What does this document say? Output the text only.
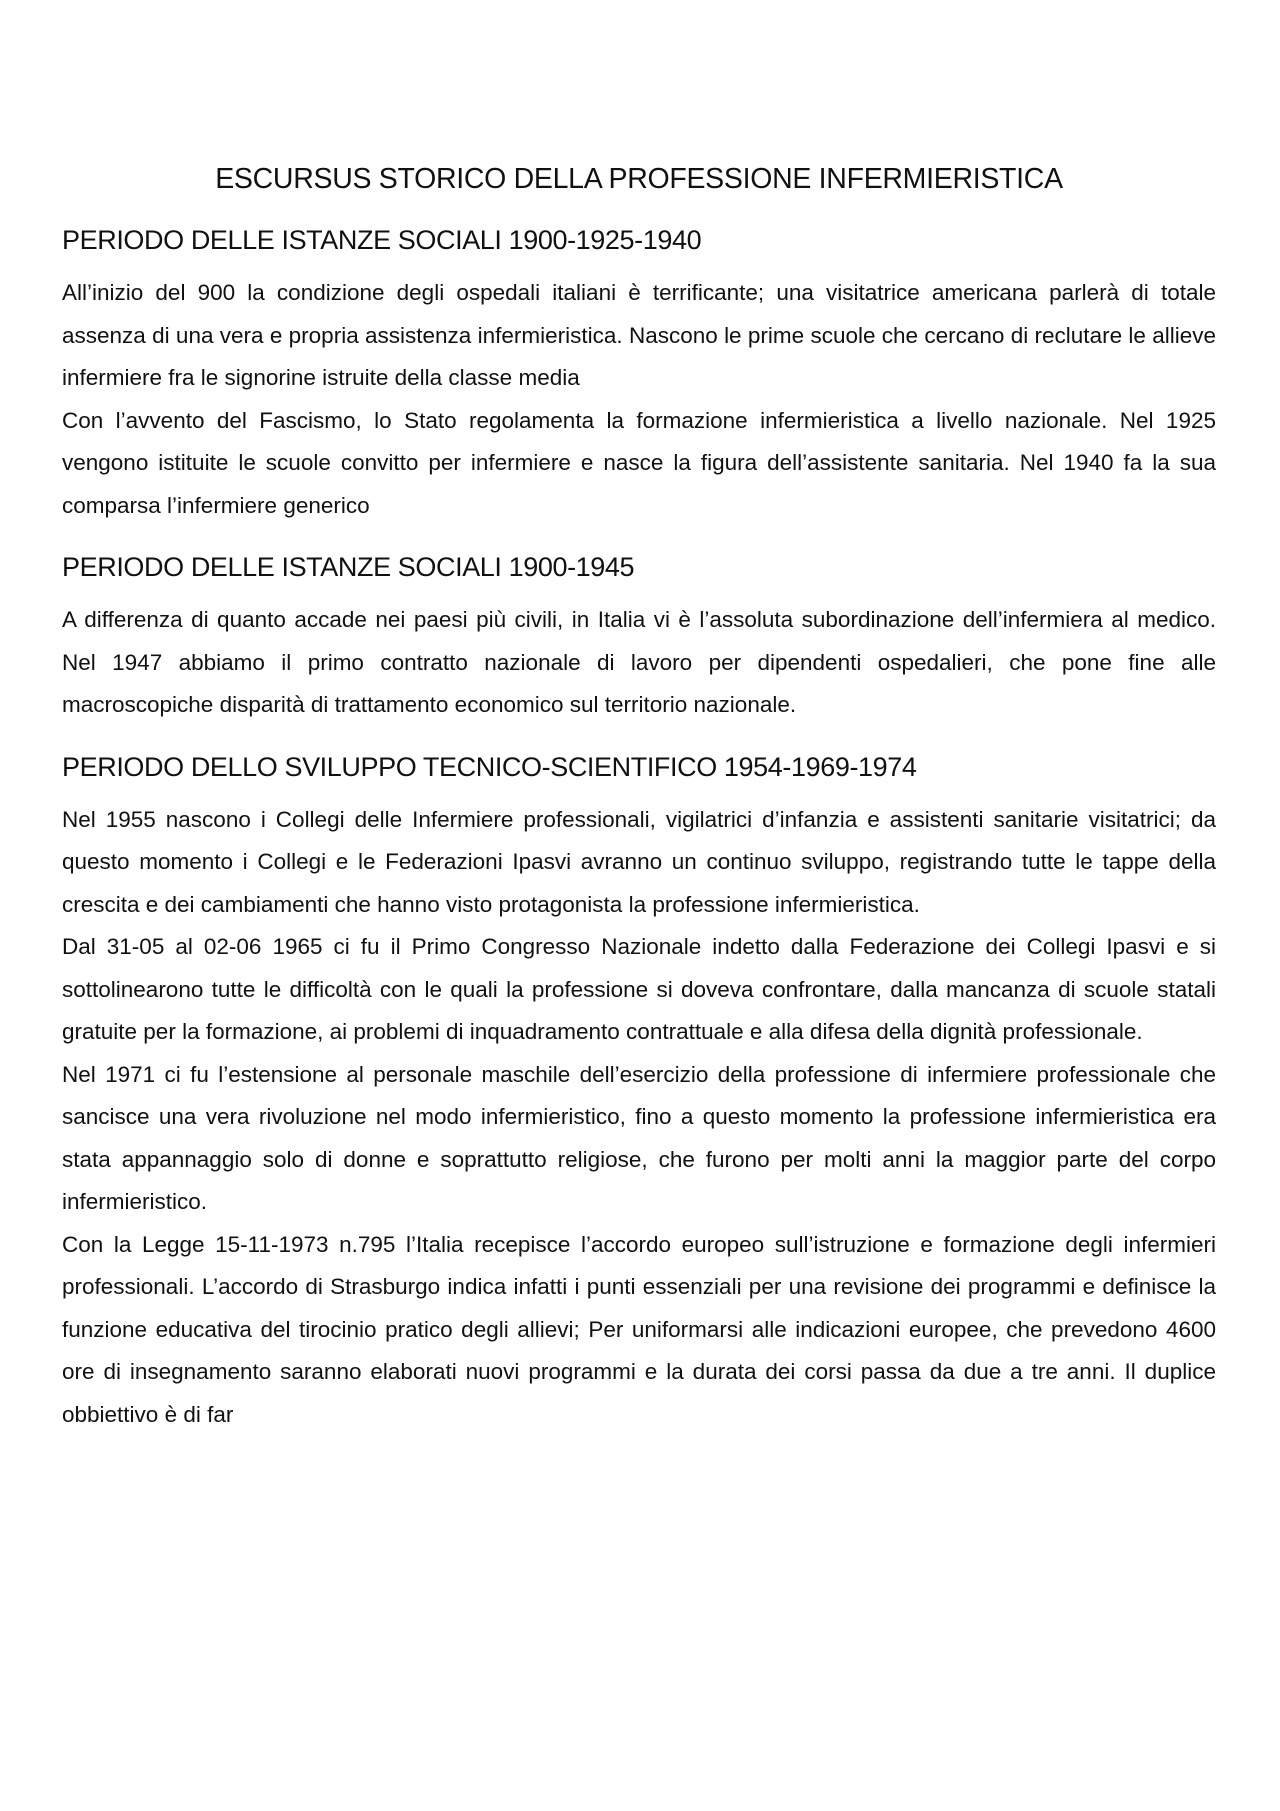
ESCURSUS STORICO DELLA PROFESSIONE INFERMIERISTICA
PERIODO DELLE ISTANZE SOCIALI 1900-1925-1940

All’inizio del 900 la condizione degli ospedali italiani è terrificante; una visitatrice americana parlerà di totale assenza di una vera e propria assistenza infermieristica. Nascono le prime scuole che cercano di reclutare le allieve infermiere fra le signorine istruite della classe media

Con l’avvento del Fascismo, lo Stato regolamenta la formazione infermieristica a livello nazionale. Nel 1925 vengono istituite le scuole convitto per infermiere e nasce la figura dell’assistente sanitaria. Nel 1940 fa la sua comparsa l’infermiere generico

PERIODO DELLE ISTANZE SOCIALI 1900-1945

A differenza di quanto accade nei paesi più civili, in Italia vi è l’assoluta subordinazione dell’infermiera al medico. Nel 1947 abbiamo il primo contratto nazionale di lavoro per dipendenti ospedalieri, che pone fine alle macroscopiche disparità di trattamento economico sul territorio nazionale.

PERIODO DELLO SVILUPPO TECNICO-SCIENTIFICO 1954-1969-1974

Nel 1955 nascono i Collegi delle Infermiere professionali, vigilatrici d’infanzia e assistenti sanitarie visitatrici; da questo momento i Collegi e le Federazioni Ipasvi avranno un continuo sviluppo, registrando tutte le tappe della crescita e dei cambiamenti che hanno visto protagonista la professione infermieristica.

Dal 31-05 al 02-06 1965 ci fu il Primo Congresso Nazionale indetto dalla Federazione dei Collegi Ipasvi e si sottolinearono tutte le difficoltà con le quali la professione si doveva confrontare, dalla mancanza di scuole statali gratuite per la formazione, ai problemi di inquadramento contrattuale e alla difesa della dignità professionale.

Nel 1971 ci fu l’estensione al personale maschile dell’esercizio della professione di infermiere professionale che sancisce una vera rivoluzione nel modo infermieristico, fino a questo momento la professione infermieristica era stata appannaggio solo di donne e soprattutto religiose, che furono per molti anni la maggior parte del corpo infermieristico.

Con la Legge 15-11-1973 n.795 l’Italia recepisce l’accordo europeo sull’istruzione e formazione degli infermieri professionali. L’accordo di Strasburgo indica infatti i punti essenziali per una revisione dei programmi e definisce la funzione educativa del tirocinio pratico degli allievi; Per uniformarsi alle indicazioni europee, che prevedono 4600 ore di insegnamento saranno elaborati nuovi programmi e la durata dei corsi passa da due a tre anni. Il duplice obbiettivo è di far
